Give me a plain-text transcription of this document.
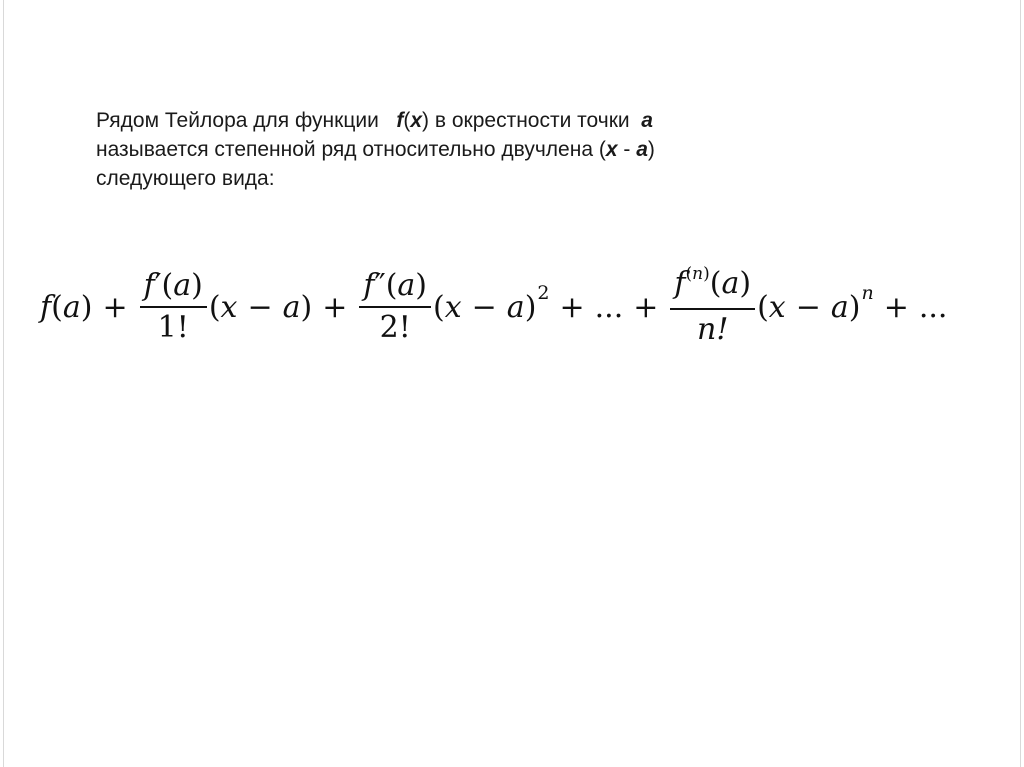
Рядом Тейлора для функции   f(x) в окрестности точки  a
называется степенной ряд относительно двучлена (x - a)
следующего вида:
f ( a ) + $\frac{f'(a)}{1!}$ ( x − a ) + $\frac{f''(a)}{2!}$ ( x − a ) 2 + ... + $\frac{f^{(n)}(a)}{n!}$ ( x − a ) n + ...
